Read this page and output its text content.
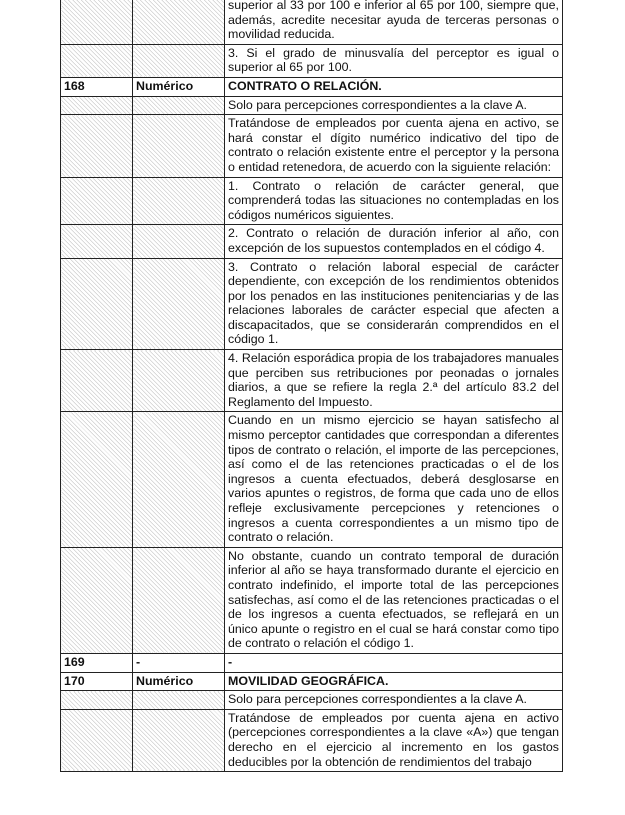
		superior al 33 por 100 e inferior al 65 por 100, siempre que, además, acredite necesitar ayuda de terceras personas o movilidad reducida.
		3. Si el grado de minusvalía del perceptor es igual o superior al 65 por 100.
168	Numérico	CONTRATO O RELACIÓN.
		Solo para percepciones correspondientes a la clave A.
		Tratándose de empleados por cuenta ajena en activo, se hará constar el dígito numérico indicativo del tipo de contrato o relación existente entre el perceptor y la persona o entidad retenedora, de acuerdo con la siguiente relación:
		1. Contrato o relación de carácter general, que comprenderá todas las situaciones no contempladas en los códigos numéricos siguientes.
		2. Contrato o relación de duración inferior al año, con excepción de los supuestos contemplados en el código 4.
		3. Contrato o relación laboral especial de carácter dependiente, con excepción de los rendimientos obtenidos por los penados en las instituciones penitenciarias y de las relaciones laborales de carácter especial que afecten a discapacitados, que se considerarán comprendidos en el código 1.
		4. Relación esporádica propia de los trabajadores manuales que perciben sus retribuciones por peonadas o jornales diarios, a que se refiere la regla 2.ª del artículo 83.2 del Reglamento del Impuesto.
		Cuando en un mismo ejercicio se hayan satisfecho al mismo perceptor cantidades que correspondan a diferentes tipos de contrato o relación, el importe de las percepciones, así como el de las retenciones practicadas o el de los ingresos a cuenta efectuados, deberá desglosarse en varios apuntes o registros, de forma que cada uno de ellos refleje exclusivamente percepciones y retenciones o ingresos a cuenta correspondientes a un mismo tipo de contrato o relación.
		No obstante, cuando un contrato temporal de duración inferior al año se haya transformado durante el ejercicio en contrato indefinido, el importe total de las percepciones satisfechas, así como el de las retenciones practicadas o el de los ingresos a cuenta efectuados, se reflejará en un único apunte o registro en el cual se hará constar como tipo de contrato o relación el código 1.
169	-	-
170	Numérico	MOVILIDAD GEOGRÁFICA.
		Solo para percepciones correspondientes a la clave A.
		Tratándose de empleados por cuenta ajena en activo (percepciones correspondientes a la clave «A») que tengan derecho en el ejercicio al incremento en los gastos deducibles por la obtención de rendimientos del trabajo
